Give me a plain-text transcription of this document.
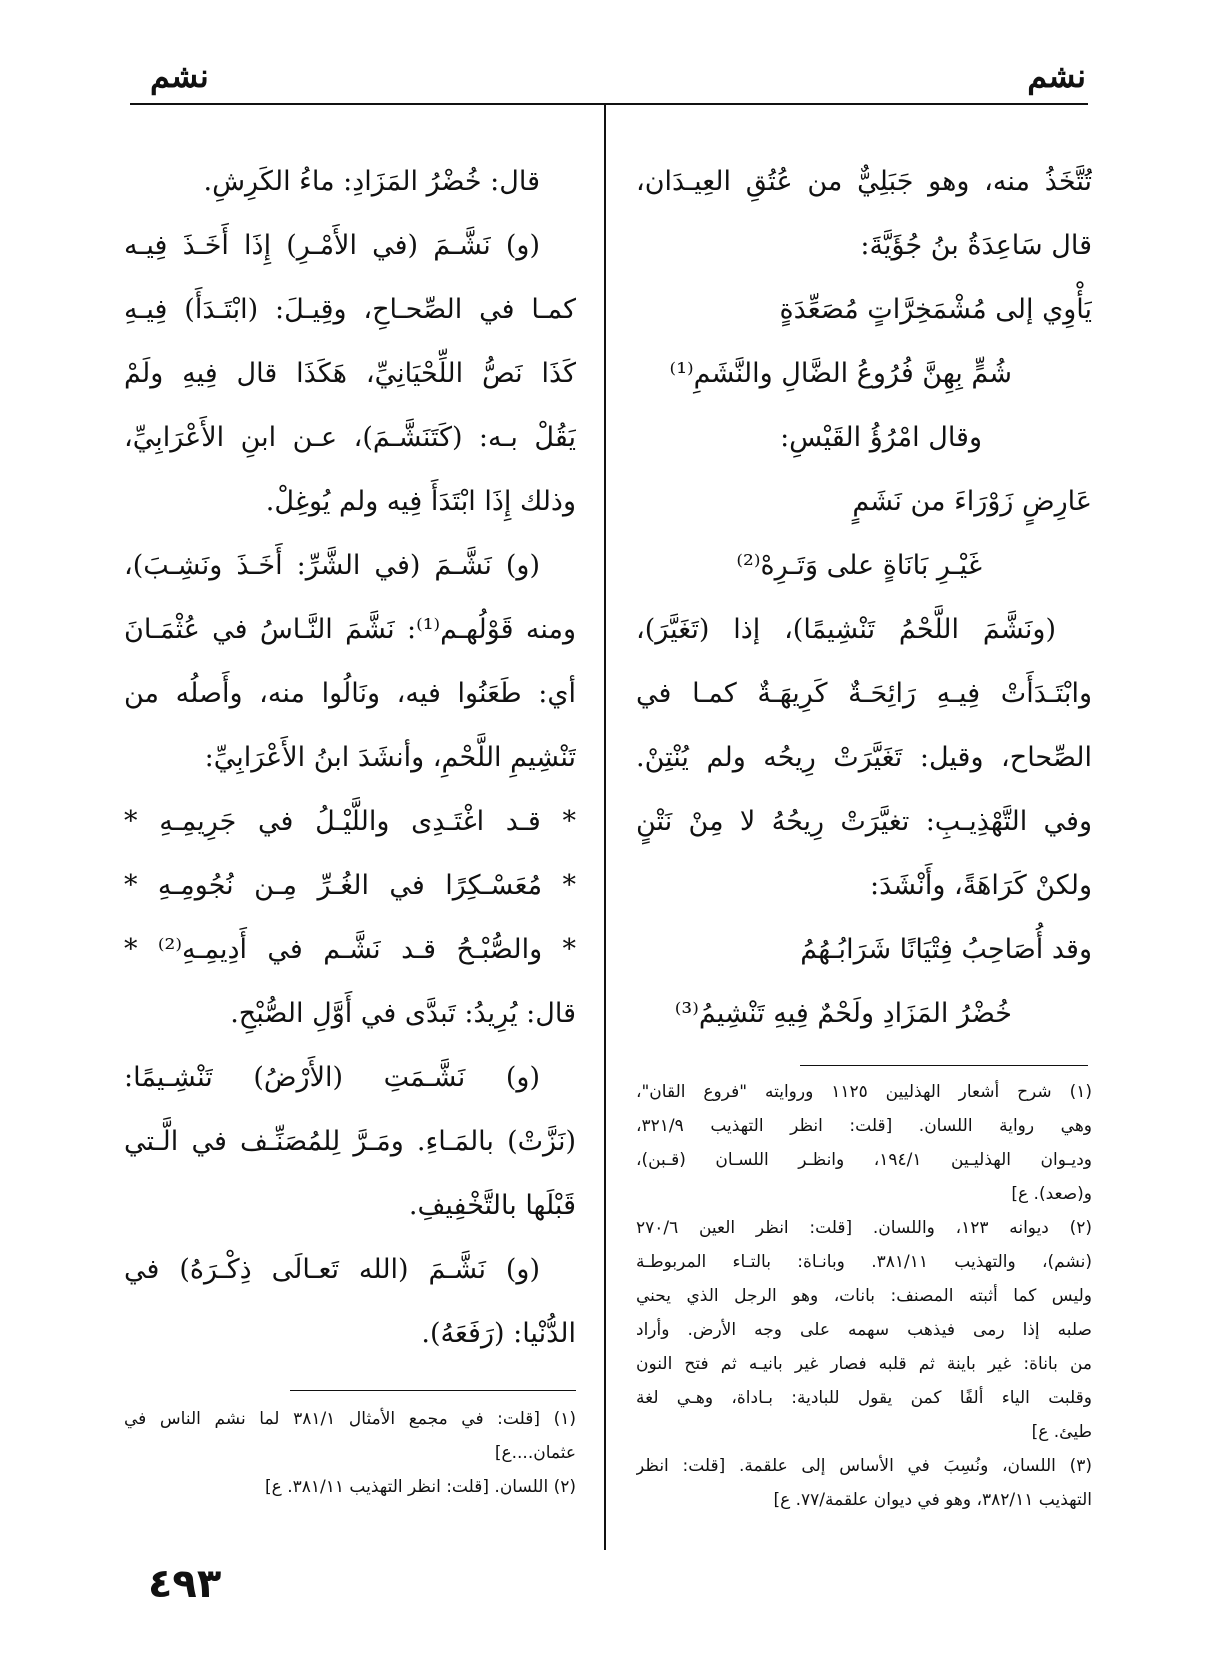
نشم
نشم
تُتَّخَذُ منه، وهو جَبَلِيٌّ من عُتُقِ العِيـدَان،
قال سَاعِدَةُ بنُ جُؤَيَّةَ:
يَأْوِي إلى مُشْمَخِرَّاتٍ مُصَعِّدَةٍ
شُمٍّ بِهِنَّ فُرُوعُ الضَّالِ والنَّشَمِ⁽¹⁾
وقال امْرُؤُ القَيْسِ:
عَارِضٍ زَوْرَاءَ من نَشَمٍ
غَيْـرِ بَانَاةٍ على وَتَـرِهْ⁽²⁾
(ونَشَّمَ اللَّحْمُ تَنْشِيمًا)، إذا (تَغَيَّرَ)،
وابْتَـدَأَتْ فِيـهِ رَائِحَـةٌ كَرِيهَـةٌ كمـا في
الصِّحاح، وقيل: تَغَيَّرَتْ رِيحُه ولم يُنْتِنْ.
وفي التَّهْذِيـبِ: تغيَّرَتْ رِيحُهُ لا مِنْ نَتْنٍ
ولكنْ كَرَاهَةً، وأَنْشَدَ:
وقد أُصَاحِبُ فِتْيَانًا شَرَابُـهُمُ
خُضْرُ المَزَادِ ولَحْمٌ فِيهِ تَنْشِيمُ⁽³⁾
(١) شرح أشعار الهذليين ١١٢٥ وروايته "فروع القان"،
وهي رواية اللسان. [قلت: انظر التهذيب ٣٢١/٩،
وديـوان الهذليـين ١٩٤/١، وانظـر اللسـان (قـبن)،
و(صعد). ع]
(٢) ديوانه ١٢٣، واللسان. [قلت: انظر العين ٢٧٠/٦
(نشم)، والتهذيب ٣٨١/١١. وبانـاة: بالتـاء المربوطـة
وليس كما أثبته المصنف: بانات، وهو الرجل الذي يحني
صلبه إذا رمى فيذهب سهمه على وجه الأرض. وأراد
من باناة: غير باينة ثم قلبه فصار غير بانيـه ثم فتح النون
وقلبت الياء ألفًا كمن يقول للبادية: بـاداة، وهـي لغة
طيئ. ع]
(٣) اللسان، ونُسِبَ في الأساس إلى علقمة. [قلت: انظر
التهذيب ٣٨٢/١١، وهو في ديوان علقمة/٧٧. ع]
قال: خُضْرُ المَزَادِ: ماءُ الكَرِشِ.
(و) نَشَّـمَ (في الأَمْـرِ) إِذَا أَخَـذَ فِيـه
كمـا في الصِّحـاحِ، وقِيـلَ: (ابْتَـدَأَ) فِيـهِ
كَذَا نَصُّ اللِّحْيَانِيِّ، هَكَذَا قال فِيهِ ولَمْ
يَقُلْ بـه: (كَتَنَشَّـمَ)، عـن ابنِ الأَعْرَابِيِّ،
وذلك إِذَا ابْتَدَأَ فِيه ولم يُوغِلْ.
(و) نَشَّـمَ (في الشَّرِّ: أَخَـذَ ونَشِـبَ)،
ومنه قَوْلُهـم⁽¹⁾: نَشَّمَ النَّـاسُ في عُثْمَـانَ
أي: طَعَنُوا فيه، ونَالُوا منه، وأَصلُه من
تَنْشِيمِ اللَّحْمِ، وأنشَدَ ابنُ الأَعْرَابِيِّ:
* قـد اغْتَـدِى واللَّيْـلُ في جَرِيمِـهِ *
* مُعَسْـكِرًا في الغُـرِّ مِـن نُجُومِـهِ *
* والصُّبْـحُ قـد نَشَّـم في أَدِيمِـهِ⁽²⁾ *
قال: يُرِيدُ: تَبدَّى في أَوَّلِ الصُّبْحِ.
(و) نَشَّـمَتِ (الأَرْضُ) تَنْشِـيمًا:
(نَزَّتْ) بالمَـاءِ. ومَـرَّ لِلمُصَنِّـف في الَّـتي
قَبْلَها بالتَّخْفِيفِ.
(و) نَشَّـمَ (الله تَعـالَى ذِكْـرَهُ) في
الدُّنْيا: (رَفَعَهُ).
(١) [قلت: في مجمع الأمثال ٣٨١/١ لما نشم الناس في
عثمان....ع]
(٢) اللسان. [قلت: انظر التهذيب ٣٨١/١١. ع]
٤٩٣
